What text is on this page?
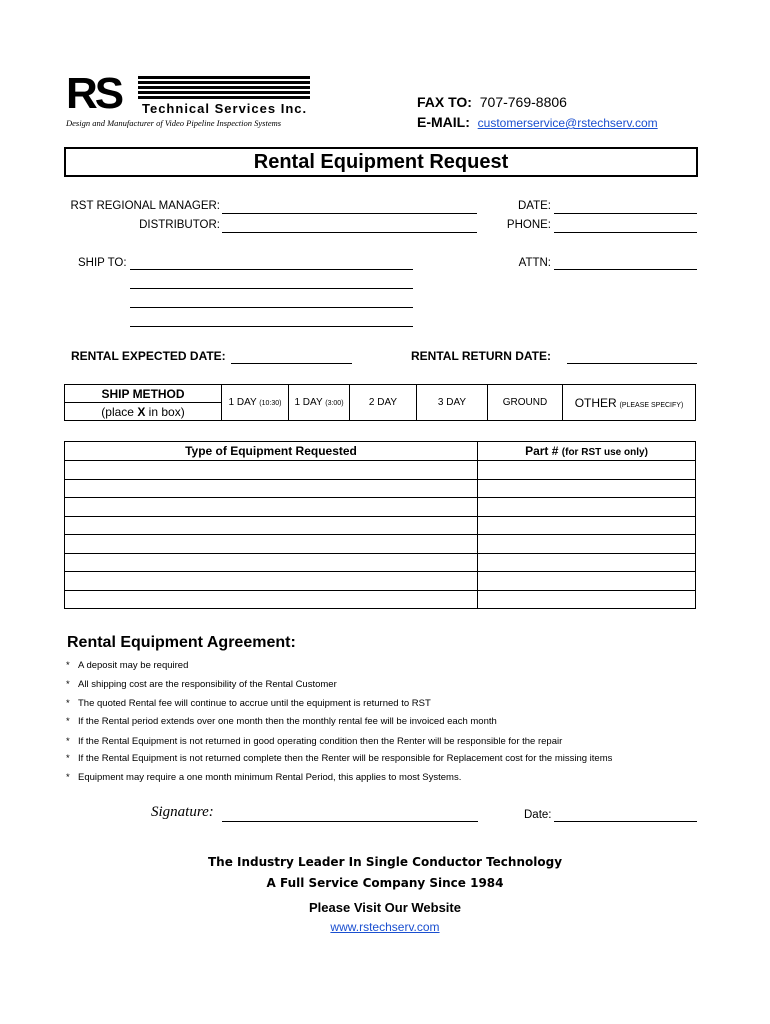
RS Technical Services Inc.
Design and Manufacturer of Video Pipeline Inspection Systems
FAX TO: 707-769-8806
E-MAIL: customerservice@rstechserv.com
Rental Equipment Request
RST REGIONAL MANAGER:
DISTRIBUTOR:
DATE:
PHONE:
SHIP TO:	ATTN:
RENTAL EXPECTED DATE:	RENTAL RETURN DATE:
SHIP METHOD	1 DAY (10:30)	1 DAY (3:00)	2 DAY	3 DAY	GROUND	OTHER (PLEASE SPECIFY)
(place X in box)
Type of Equipment Requested	Part # (for RST use only)

Rental Equipment Agreement:
* A deposit may be required
* All shipping cost are the responsibility of the Rental Customer
* The quoted Rental fee will continue to accrue until the equipment is returned to RST
* If the Rental period extends over one month then the monthly rental fee will be invoiced each month
* If the Rental Equipment is not returned in good operating condition then the Renter will be responsible for the repair
* If the Rental Equipment is not returned complete then the Renter will be responsible for Replacement cost for the missing items
* Equipment may require a one month minimum Rental Period, this applies to most Systems.
Signature:	Date:
The Industry Leader In Single Conductor Technology
A Full Service Company Since 1984
Please Visit Our Website
www.rstechserv.com
